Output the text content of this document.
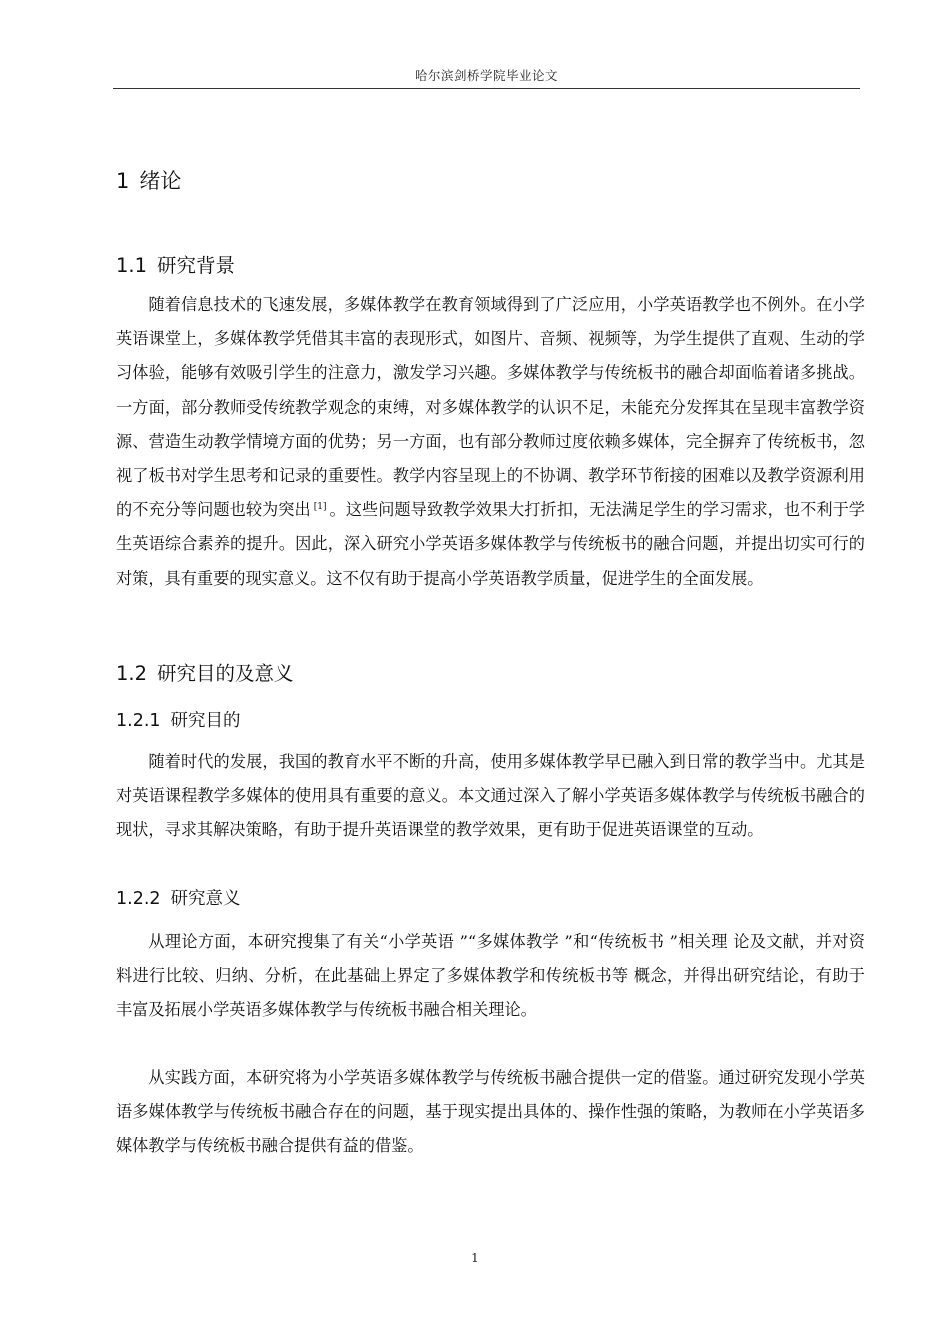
哈尔滨剑桥学院毕业论文
1 绪论
1.1 研究背景

随着信息技术的飞速发展，多媒体教学在教育领域得到了广泛应用，小学英语教学也不例外。在小学英语课堂上，多媒体教学凭借其丰富的表现形式，如图片、音频、视频等，为学生提供了直观、生动的学习体验，能够有效吸引学生的注意力，激发学习兴趣。多媒体教学与传统板书的融合却面临着诸多挑战。一方面，部分教师受传统教学观念的束缚，对多媒体教学的认识不足，未能充分发挥其在呈现丰富教学资源、营造生动教学情境方面的优势；另一方面，也有部分教师过度依赖多媒体，完全摒弃了传统板书，忽视了板书对学生思考和记录的重要性。教学内容呈现上的不协调、教学环节衔接的困难以及教学资源利用的不充分等问题也较为突出 [1] 。这些问题导致教学效果大打折扣，无法满足学生的学习需求，也不利于学生英语综合素养的提升。因此，深入研究小学英语多媒体教学与传统板书的融合问题，并提出切实可行的对策，具有重要的现实意义。这不仅有助于提高小学英语教学质量，促进学生的全面发展。

1.2 研究目的及意义
1.2.1 研究目的

随着时代的发展，我国的教育水平不断的升高，使用多媒体教学早已融入到日常的教学当中。尤其是对英语课程教学多媒体的使用具有重要的意义。本文通过深入了解小学英语多媒体教学与传统板书融合的现状，寻求其解决策略，有助于提升英语课堂的教学效果，更有助于促进英语课堂的互动。

1.2.2 研究意义

从理论方面，本研究搜集了有关“小学英语 ”“多媒体教学 ”和“传统板书 ”相关理 论及文献，并对资料进行比较、归纳、分析，在此基础上界定了多媒体教学和传统板书等 概念，并得出研究结论，有助于丰富及拓展小学英语多媒体教学与传统板书融合相关理论。

从实践方面，本研究将为小学英语多媒体教学与传统板书融合提供一定的借鉴。通过研究发现小学英语多媒体教学与传统板书融合存在的问题，基于现实提出具体的、操作性强的策略，为教师在小学英语多媒体教学与传统板书融合提供有益的借鉴。

1
